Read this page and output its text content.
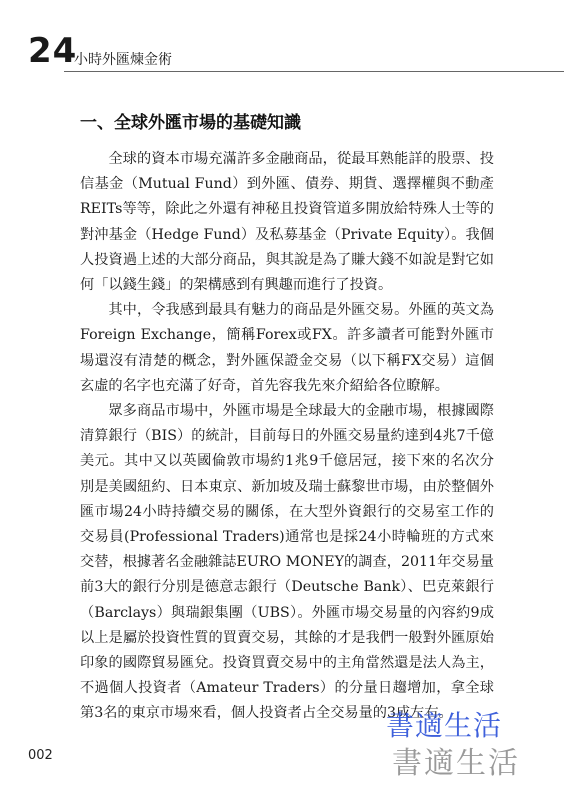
24
小時外匯煉金術
一、全球外匯市場的基礎知識

全球的資本市場充滿許多金融商品，從最耳熟能詳的股票、投信基金（Mutual Fund）到外匯、債券、期貨、選擇權與不動產REITs等等，除此之外還有神秘且投資管道多開放給特殊人士等的對沖基金（Hedge Fund）及私募基金（Private Equity）。我個人投資過上述的大部分商品，與其說是為了賺大錢不如說是對它如何「以錢生錢」的架構感到有興趣而進行了投資。

其中，令我感到最具有魅力的商品是外匯交易。外匯的英文為Foreign Exchange，簡稱Forex或FX。許多讀者可能對外匯市場還沒有清楚的概念，對外匯保證金交易（以下稱FX交易）這個玄虛的名字也充滿了好奇，首先容我先來介紹給各位瞭解。

眾多商品市場中，外匯市場是全球最大的金融市場，根據國際清算銀行（BIS）的統計，目前每日的外匯交易量約達到4兆7千億美元。其中又以英國倫敦市場約1兆9千億居冠，接下來的名次分別是美國紐約、日本東京、新加坡及瑞士蘇黎世市場，由於整個外匯市場24小時持續交易的關係，在大型外資銀行的交易室工作的交易員(Professional Traders)通常也是採24小時輪班的方式來交替，根據著名金融雜誌EURO MONEY的調查，2011年交易量前3大的銀行分別是德意志銀行（Deutsche Bank）、巴克萊銀行（Barclays）與瑞銀集團（UBS）。外匯市場交易量的內容約9成以上是屬於投資性質的買賣交易，其餘的才是我們一般對外匯原始印象的國際貿易匯兌。投資買賣交易中的主角當然還是法人為主，不過個人投資者（Amateur Traders）的分量日趨增加，拿全球第3名的東京市場來看，個人投資者占全交易量的3成左右。

002
書適生活
書適生活
